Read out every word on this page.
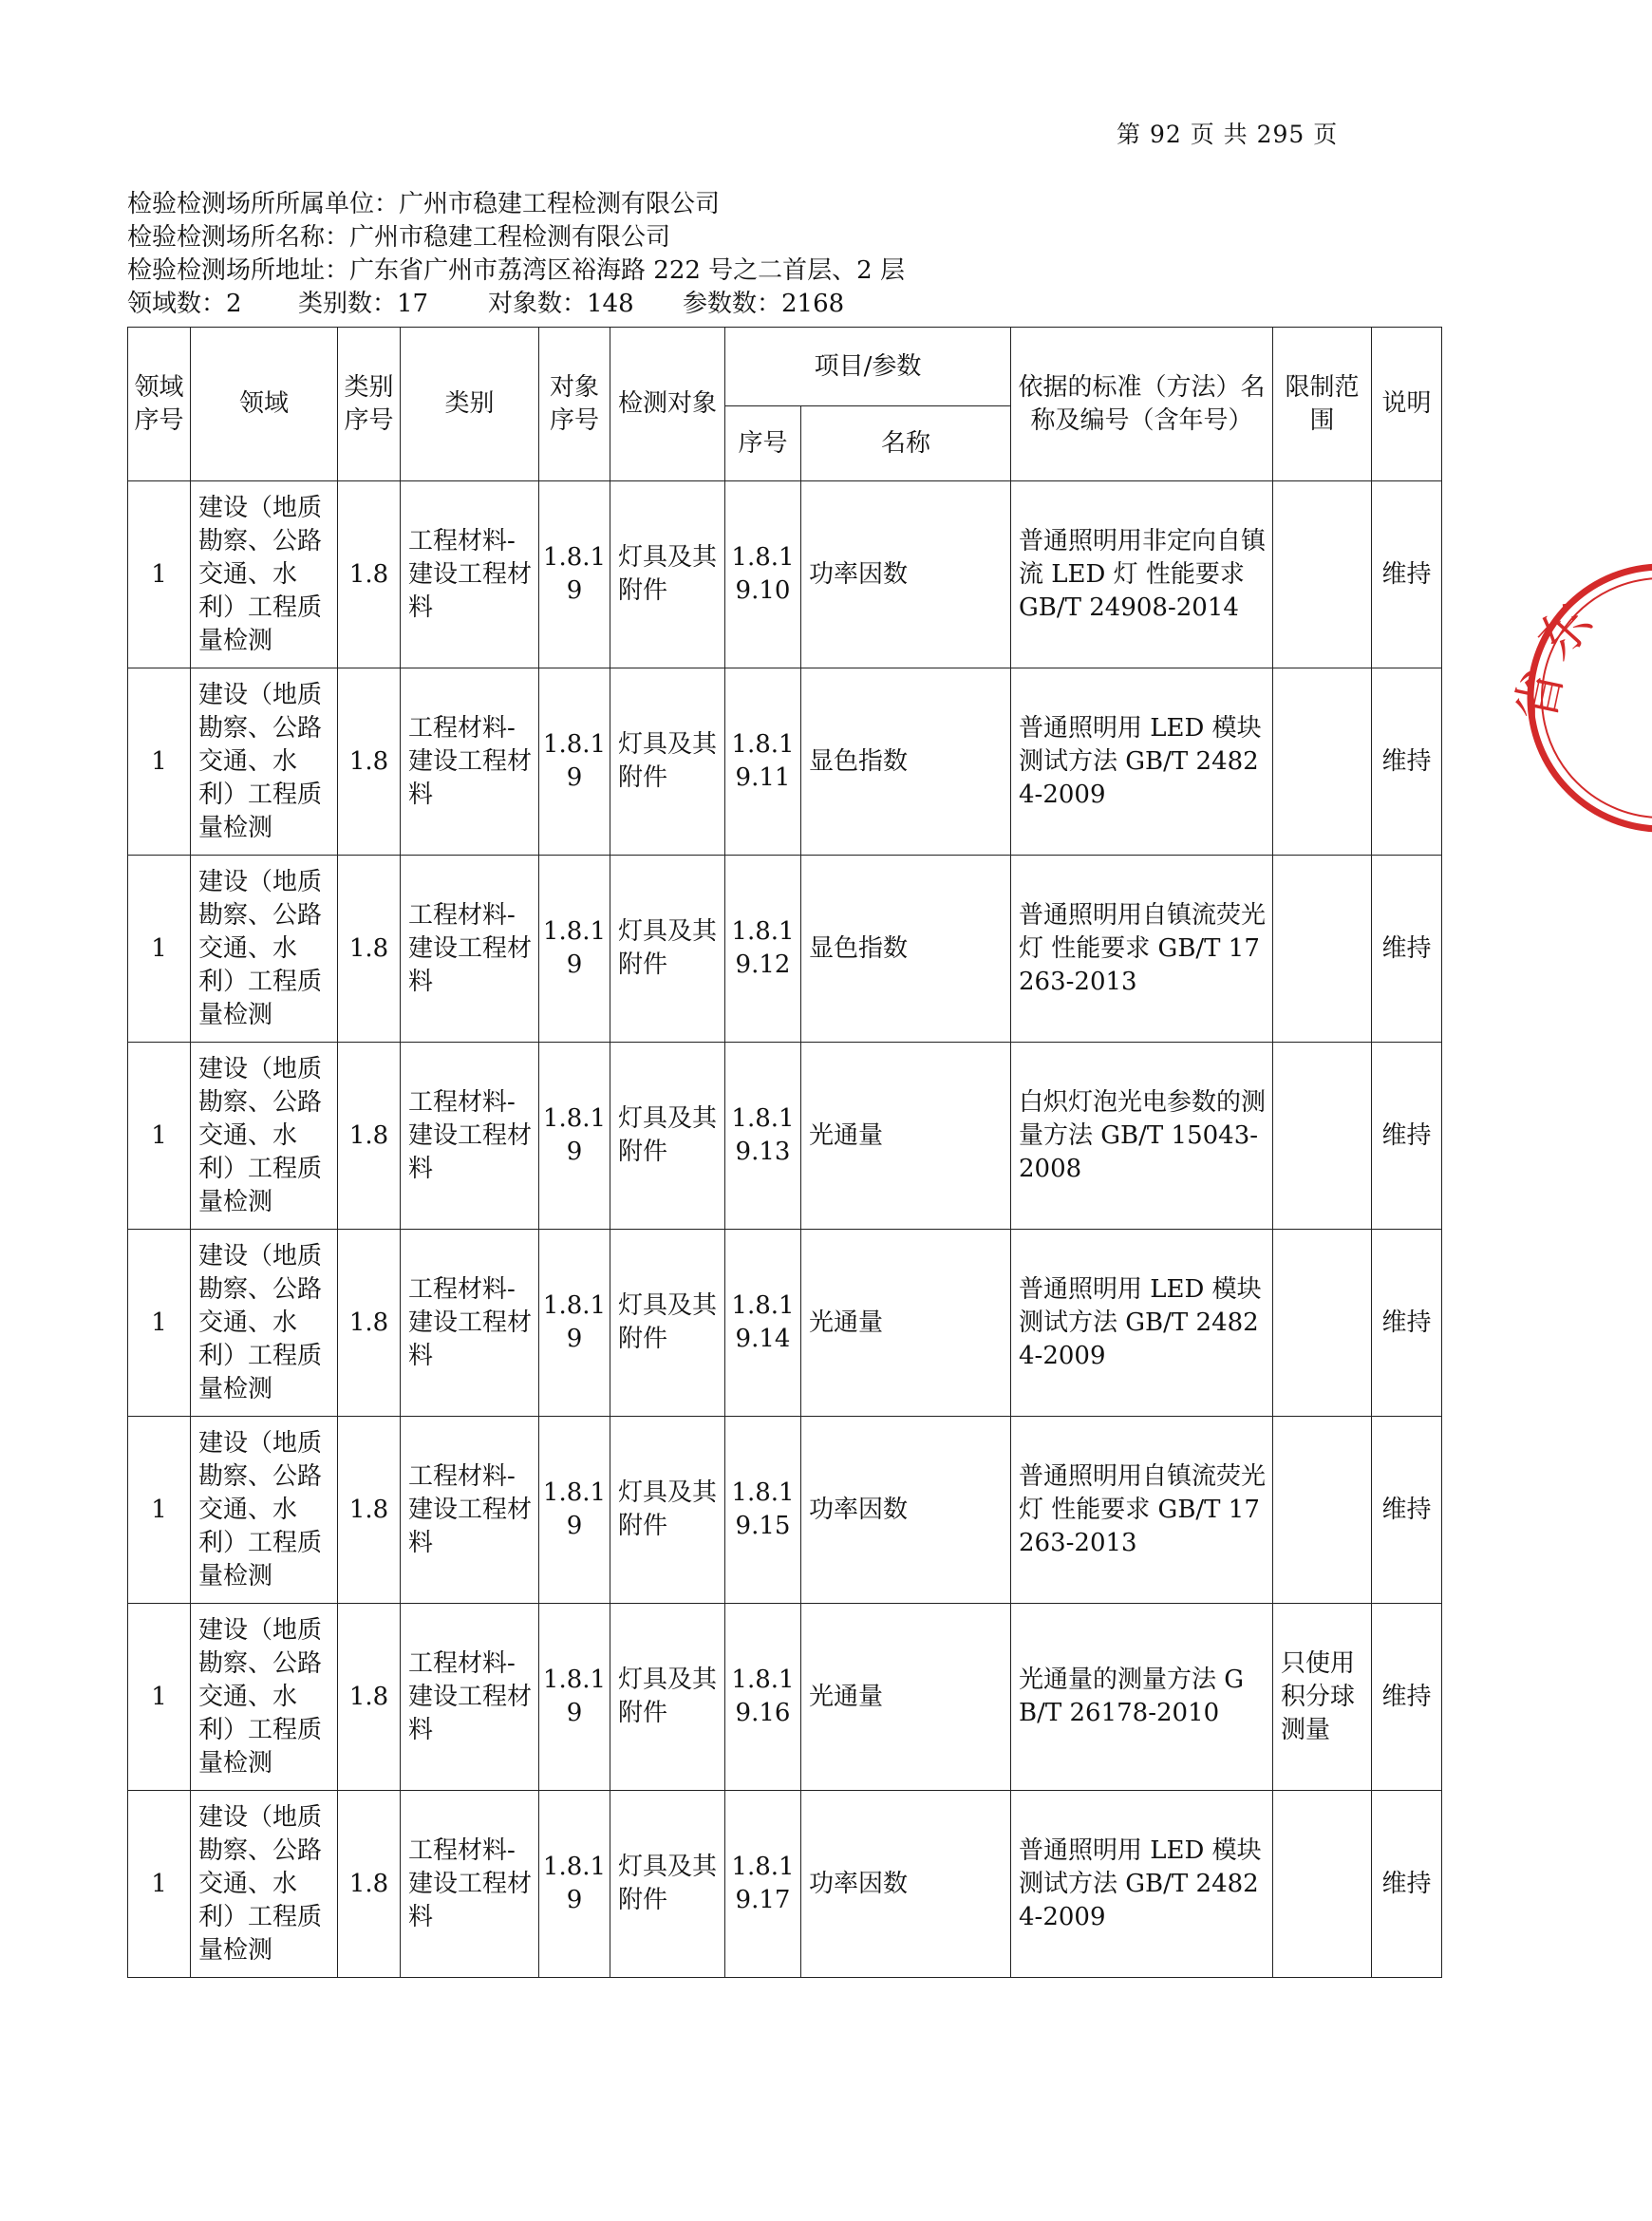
第 92 页 共 295 页
检验检测场所所属单位：广州市稳建工程检测有限公司
检验检测场所名称：广州市稳建工程检测有限公司
检验检测场所地址：广东省广州市荔湾区裕海路 222 号之二首层、2 层
领域数：2 类别数：17 对象数：148 参数数：2168
领域序号	领域	类别序号	类别	对象序号	检测对象	项目/参数		依据的标准（方法）名称及编号（含年号）	限制范围	说明
						序号	名称			
1	建设（地质勘察、公路交通、水利）工程质量检测	1.8	工程材料-建设工程材料	1.8.19	灯具及其附件	1.8.19.10	功率因数	普通照明用非定向自镇流 LED 灯 性能要求 GB/T 24908-2014		维持
1	建设（地质勘察、公路交通、水利）工程质量检测	1.8	工程材料-建设工程材料	1.8.19	灯具及其附件	1.8.19.11	显色指数	普通照明用 LED 模块测试方法 GB/T 24824-2009		维持
1	建设（地质勘察、公路交通、水利）工程质量检测	1.8	工程材料-建设工程材料	1.8.19	灯具及其附件	1.8.19.12	显色指数	普通照明用自镇流荧光灯 性能要求 GB/T 17263-2013		维持
1	建设（地质勘察、公路交通、水利）工程质量检测	1.8	工程材料-建设工程材料	1.8.19	灯具及其附件	1.8.19.13	光通量	白炽灯泡光电参数的测量方法 GB/T 15043-2008		维持
1	建设（地质勘察、公路交通、水利）工程质量检测	1.8	工程材料-建设工程材料	1.8.19	灯具及其附件	1.8.19.14	光通量	普通照明用 LED 模块测试方法 GB/T 24824-2009		维持
1	建设（地质勘察、公路交通、水利）工程质量检测	1.8	工程材料-建设工程材料	1.8.19	灯具及其附件	1.8.19.15	功率因数	普通照明用自镇流荧光灯 性能要求 GB/T 17263-2013		维持
1	建设（地质勘察、公路交通、水利）工程质量检测	1.8	工程材料-建设工程材料	1.8.19	灯具及其附件	1.8.19.16	光通量	光通量的测量方法 GB/T 26178-2010	只使用积分球测量	维持
1	建设（地质勘察、公路交通、水利）工程质量检测	1.8	工程材料-建设工程材料	1.8.19	灯具及其附件	1.8.19.17	功率因数	普通照明用 LED 模块测试方法 GB/T 24824-2009		维持
东
省
